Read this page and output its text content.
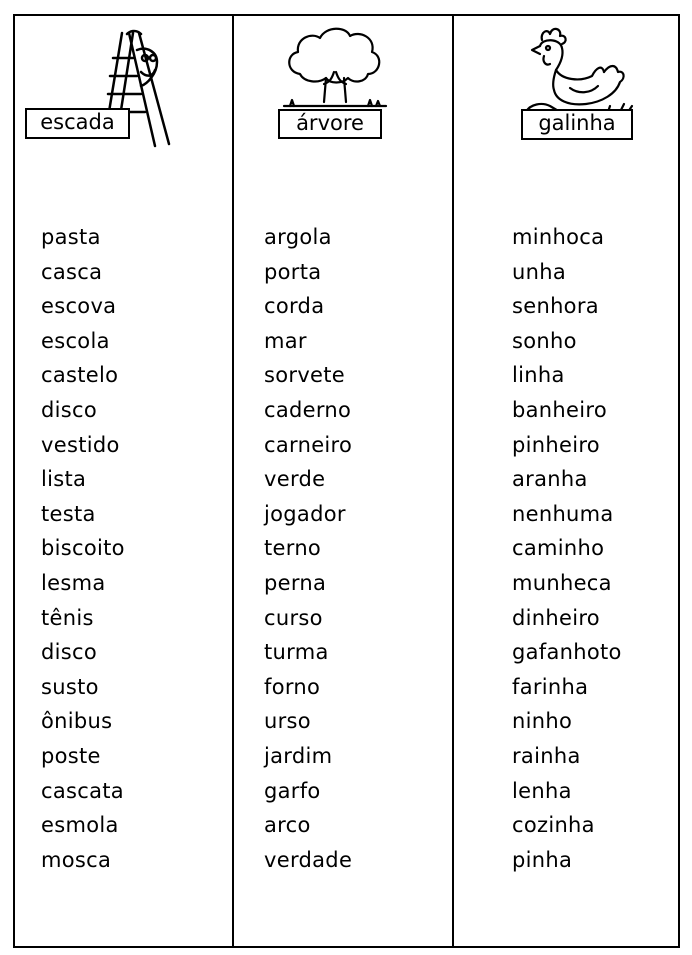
escada
pasta
casca
escova
escola
castelo
disco
vestido
lista
testa
biscoito
lesma
tênis
disco
susto
ônibus
poste
cascata
esmola
mosca
árvore
argola
porta
corda
mar
sorvete
caderno
carneiro
verde
jogador
terno
perna
curso
turma
forno
urso
jardim
garfo
arco
verdade
galinha
minhoca
unha
senhora
sonho
linha
banheiro
pinheiro
aranha
nenhuma
caminho
munheca
dinheiro
gafanhoto
farinha
ninho
rainha
lenha
cozinha
pinha
